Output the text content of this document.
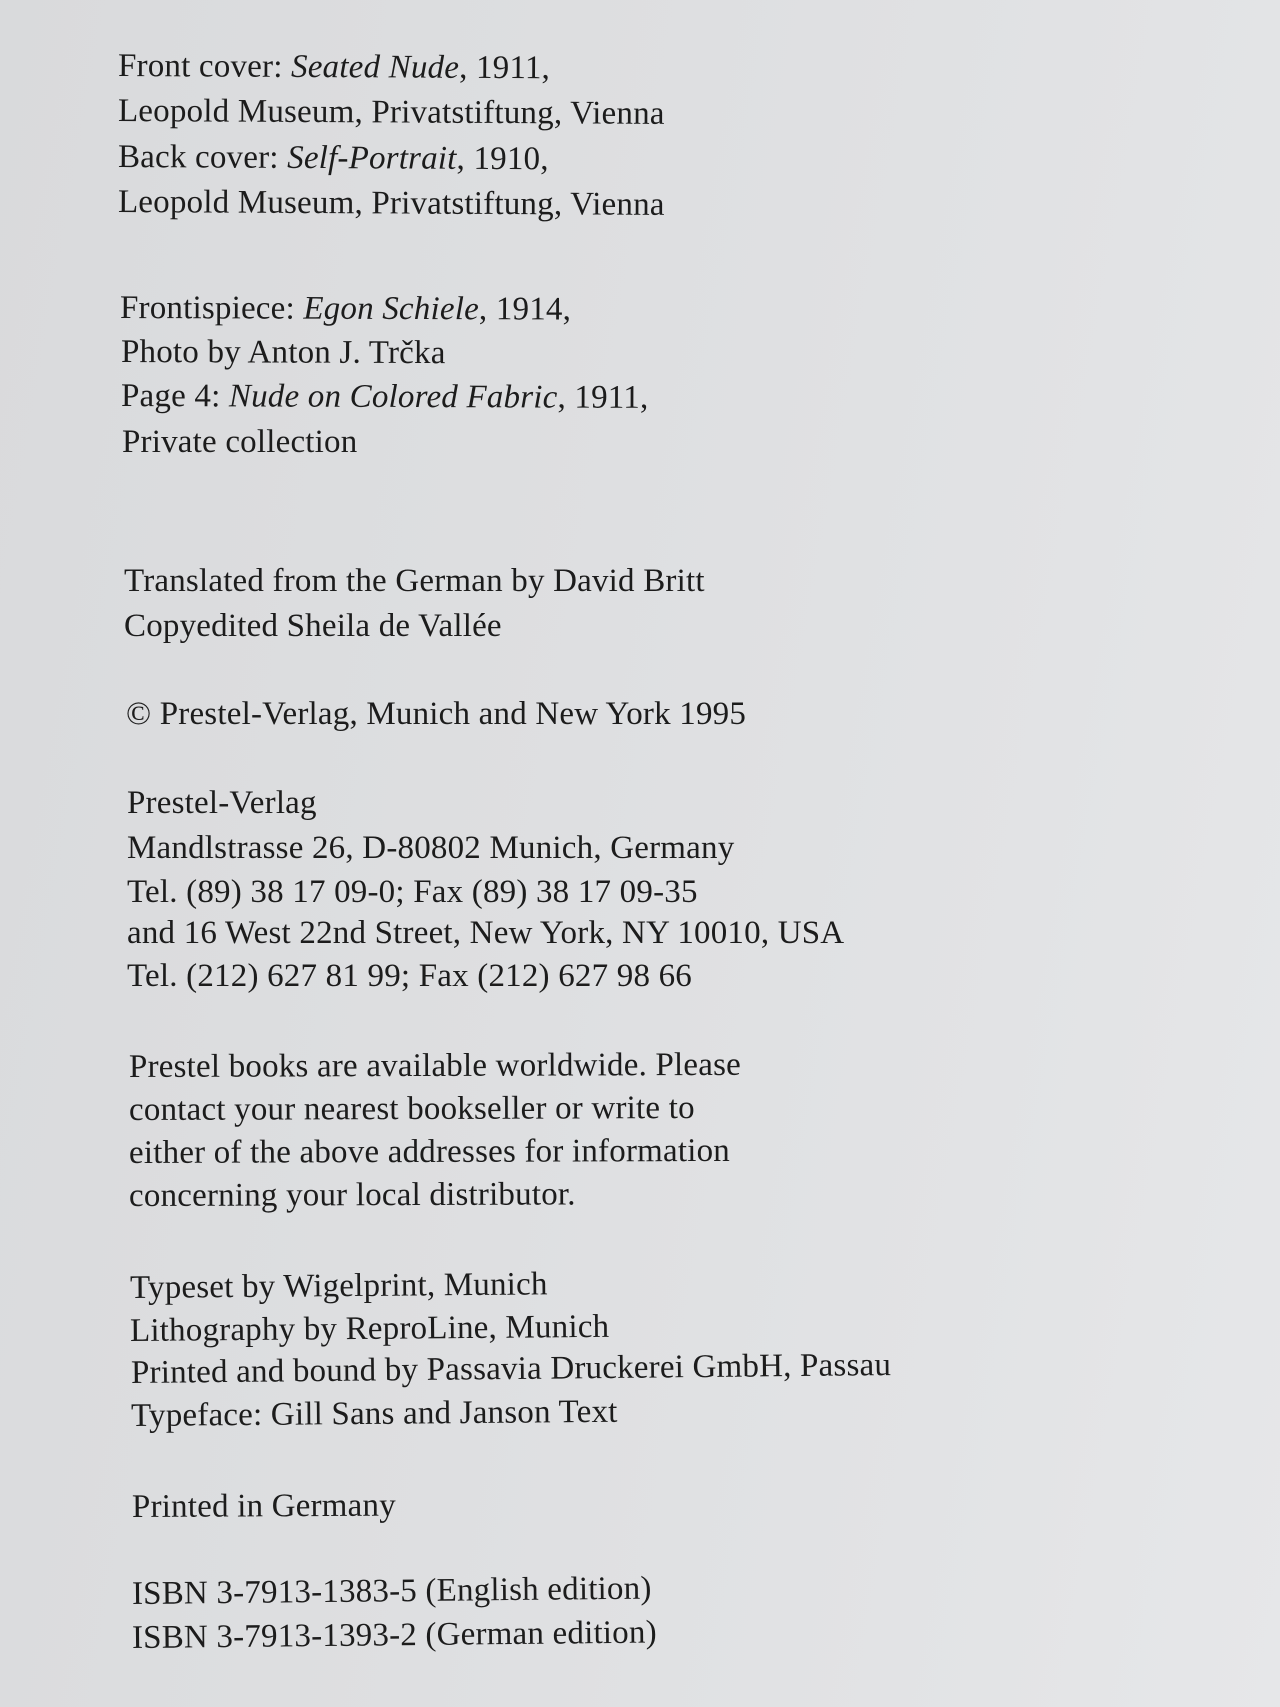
Front cover: Seated Nude, 1911,
Leopold Museum, Privatstiftung, Vienna
Back cover: Self-Portrait, 1910,
Leopold Museum, Privatstiftung, Vienna
Frontispiece: Egon Schiele, 1914,
Photo by Anton J. Trčka
Page 4: Nude on Colored Fabric, 1911,
Private collection
Translated from the German by David Britt
Copyedited Sheila de Vallée
© Prestel-Verlag, Munich and New York 1995
Prestel-Verlag
Mandlstrasse 26, D-80802 Munich, Germany
Tel. (89) 38 17 09-0; Fax (89) 38 17 09-35
and 16 West 22nd Street, New York, NY 10010, USA
Tel. (212) 627 81 99; Fax (212) 627 98 66
Prestel books are available worldwide. Please
contact your nearest bookseller or write to
either of the above addresses for information
concerning your local distributor.
Typeset by Wigelprint, Munich
Lithography by ReproLine, Munich
Printed and bound by Passavia Druckerei GmbH, Passau
Typeface: Gill Sans and Janson Text
Printed in Germany
ISBN 3-7913-1383-5 (English edition)
ISBN 3-7913-1393-2 (German edition)
